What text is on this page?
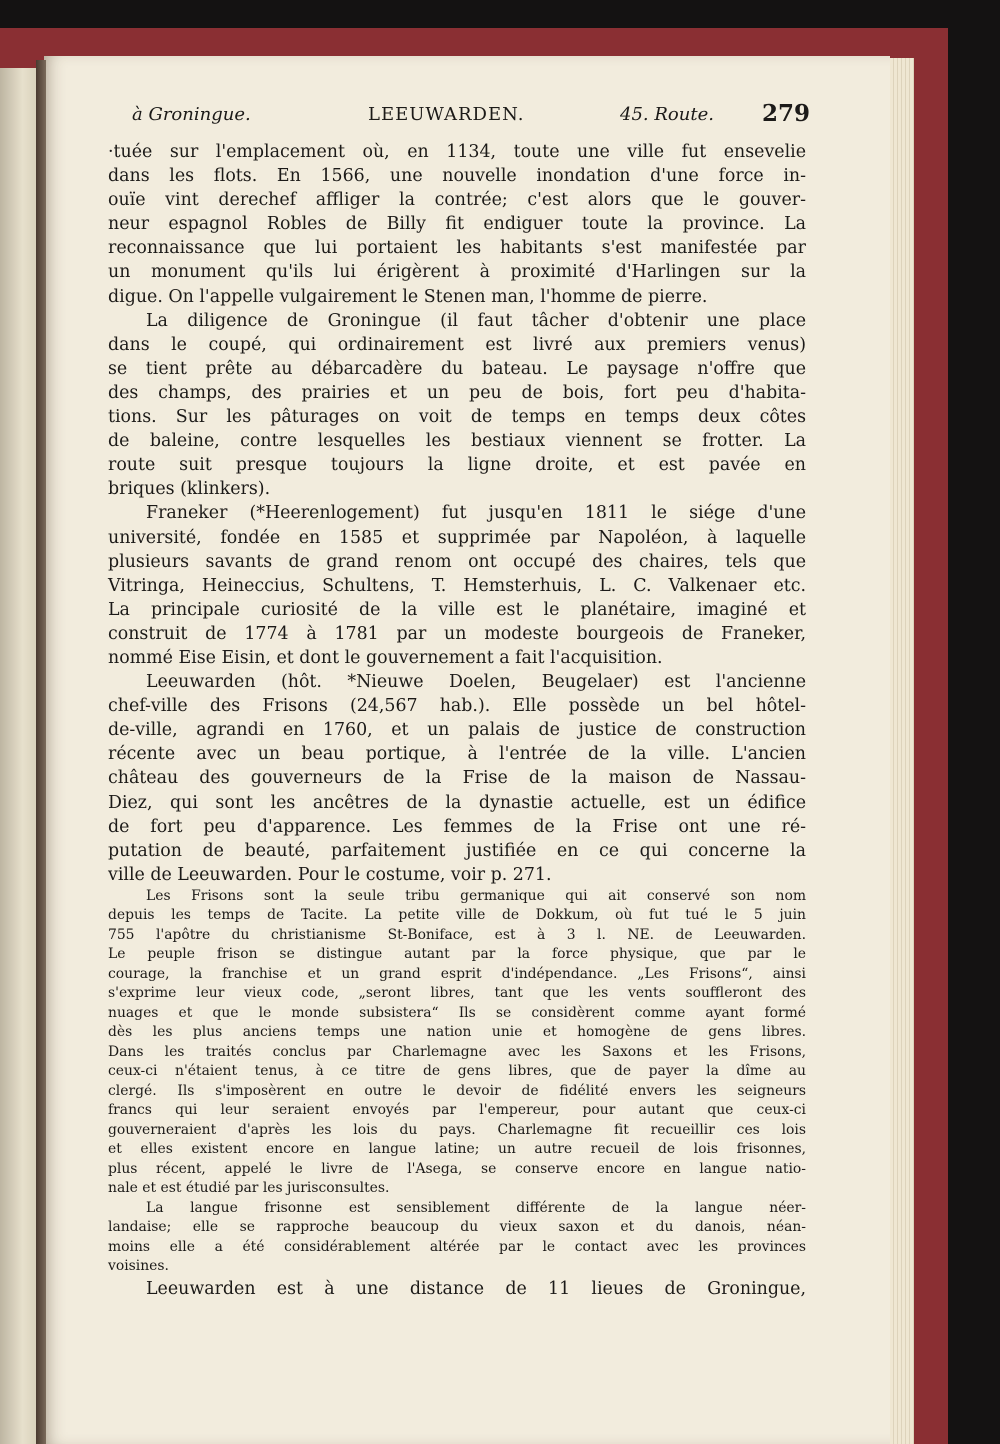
à Groningue.	LEEUWARDEN.	45. Route. 279
·tuée sur l'emplacement où, en 1134, toute une ville fut ensevelie
dans les flots. En 1566, une nouvelle inondation d'une force in-
ouïe vint derechef affliger la contrée; c'est alors que le gouver-
neur espagnol Robles de Billy fit endiguer toute la province. La
reconnaissance que lui portaient les habitants s'est manifestée par
un monument qu'ils lui érigèrent à proximité d'Harlingen sur la
digue. On l'appelle vulgairement le Stenen man, l'homme de pierre.
La diligence de Groningue (il faut tâcher d'obtenir une place
dans le coupé, qui ordinairement est livré aux premiers venus)
se tient prête au débarcadère du bateau. Le paysage n'offre que
des champs, des prairies et un peu de bois, fort peu d'habita-
tions. Sur les pâturages on voit de temps en temps deux côtes
de baleine, contre lesquelles les bestiaux viennent se frotter. La
route suit presque toujours la ligne droite, et est pavée en
briques (klinkers).
Franeker (*Heerenlogement) fut jusqu'en 1811 le siége d'une
université, fondée en 1585 et supprimée par Napoléon, à laquelle
plusieurs savants de grand renom ont occupé des chaires, tels que
Vitringa, Heineccius, Schultens, T. Hemsterhuis, L. C. Valkenaer etc.
La principale curiosité de la ville est le planétaire, imaginé et
construit de 1774 à 1781 par un modeste bourgeois de Franeker,
nommé Eise Eisin, et dont le gouvernement a fait l'acquisition.
Leeuwarden (hôt. *Nieuwe Doelen, Beugelaer) est l'ancienne
chef-ville des Frisons (24,567 hab.). Elle possède un bel hôtel-
de-ville, agrandi en 1760, et un palais de justice de construction
récente avec un beau portique, à l'entrée de la ville. L'ancien
château des gouverneurs de la Frise de la maison de Nassau-
Diez, qui sont les ancêtres de la dynastie actuelle, est un édifice
de fort peu d'apparence. Les femmes de la Frise ont une ré-
putation de beauté, parfaitement justifiée en ce qui concerne la
ville de Leeuwarden. Pour le costume, voir p. 271.
Les Frisons sont la seule tribu germanique qui ait conservé son nom
depuis les temps de Tacite. La petite ville de Dokkum, où fut tué le 5 juin
755 l'apôtre du christianisme St-Boniface, est à 3 l. NE. de Leeuwarden.
Le peuple frison se distingue autant par la force physique, que par le
courage, la franchise et un grand esprit d'indépendance. „Les Frisons“, ainsi
s'exprime leur vieux code, „seront libres, tant que les vents souffleront des
nuages et que le monde subsistera“ Ils se considèrent comme ayant formé
dès les plus anciens temps une nation unie et homogène de gens libres.
Dans les traités conclus par Charlemagne avec les Saxons et les Frisons,
ceux-ci n'étaient tenus, à ce titre de gens libres, que de payer la dîme au
clergé. Ils s'imposèrent en outre le devoir de fidélité envers les seigneurs
francs qui leur seraient envoyés par l'empereur, pour autant que ceux-ci
gouverneraient d'après les lois du pays. Charlemagne fit recueillir ces lois
et elles existent encore en langue latine; un autre recueil de lois frisonnes,
plus récent, appelé le livre de l'Asega, se conserve encore en langue natio-
nale et est étudié par les jurisconsultes.
La langue frisonne est sensiblement différente de la langue néer-
landaise; elle se rapproche beaucoup du vieux saxon et du danois, néan-
moins elle a été considérablement altérée par le contact avec les provinces
voisines.
Leeuwarden est à une distance de 11 lieues de Groningue,
